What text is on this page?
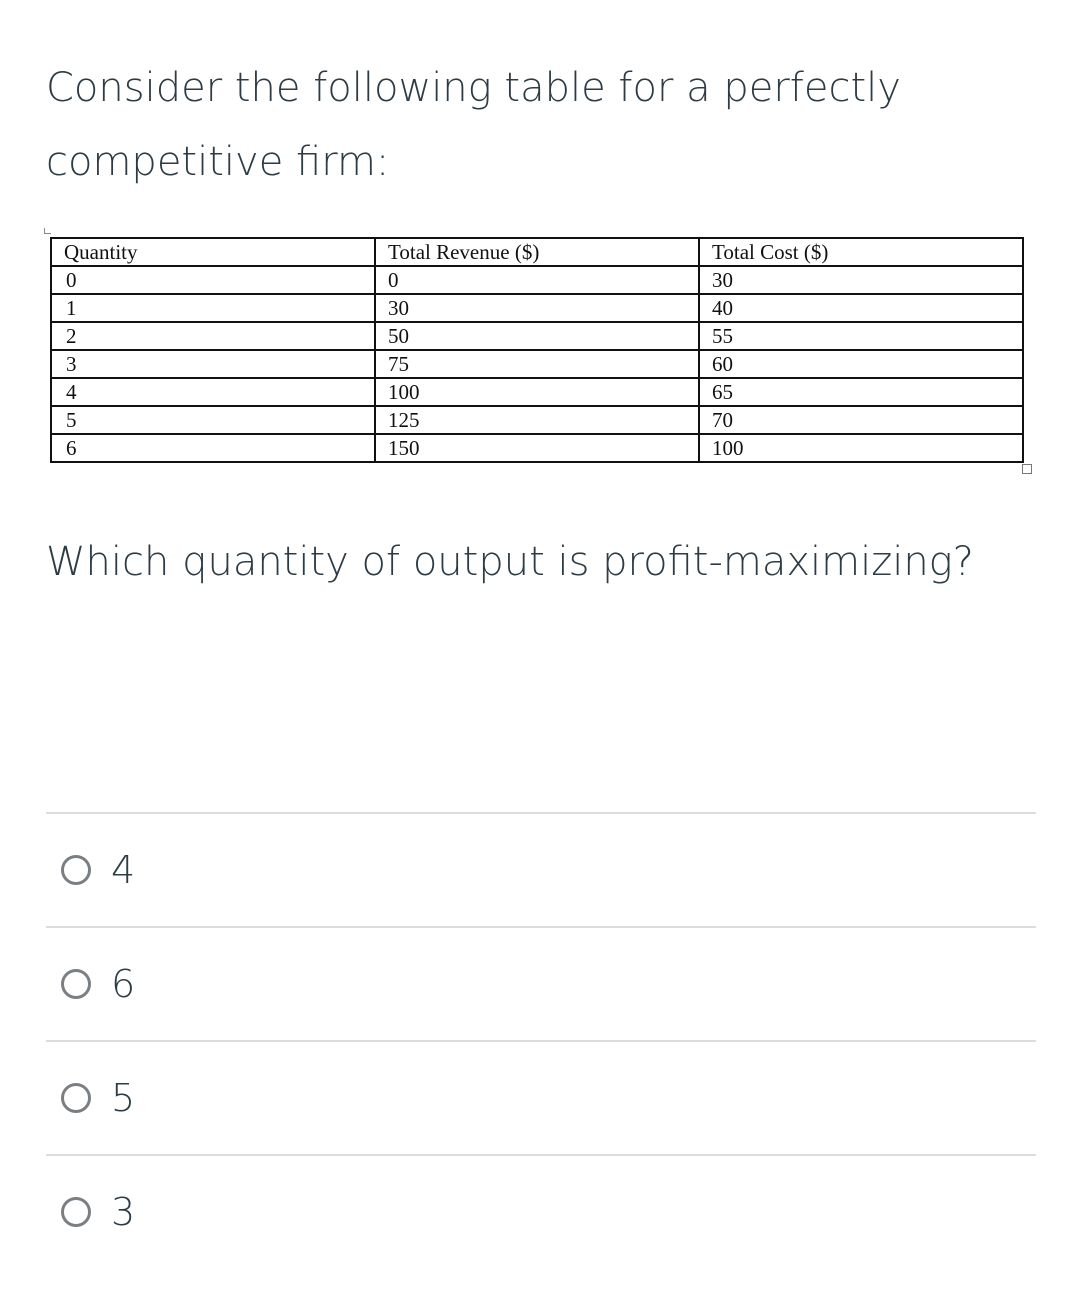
Consider the following table for a perfectly competitive firm:

Quantity	Total Revenue ($)	Total Cost ($)
0	0	30
1	30	40
2	50	55
3	75	60
4	100	65
5	125	70
6	150	100

Which quantity of output is profit-maximizing?

4
6
5
3
